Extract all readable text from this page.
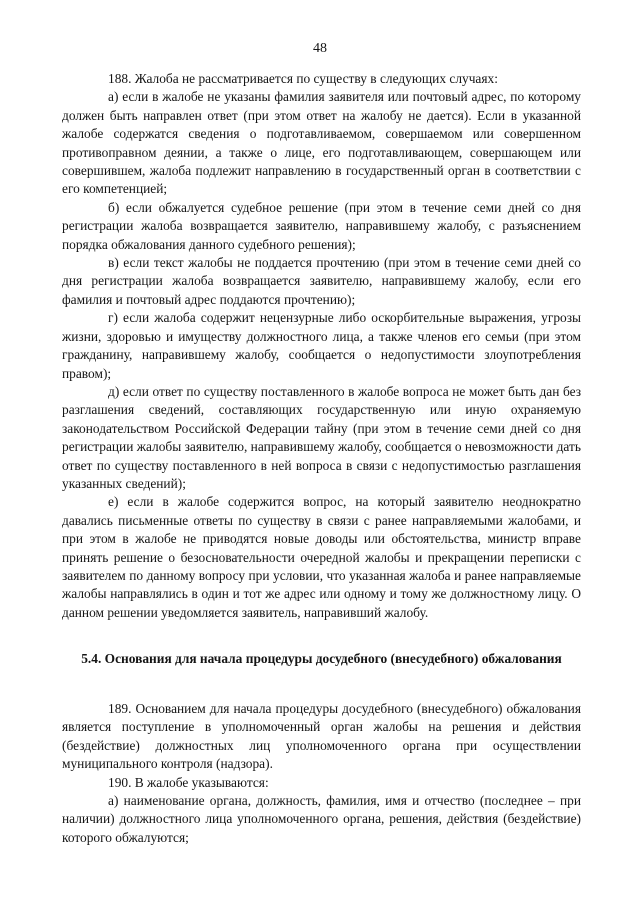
48

188. Жалоба не рассматривается по существу в следующих случаях:

а) если в жалобе не указаны фамилия заявителя или почтовый адрес, по которому должен быть направлен ответ (при этом ответ на жалобу не дается). Если в указанной жалобе содержатся сведения о подготавливаемом, совершаемом или совершенном противоправном деянии, а также о лице, его подготавливающем, совершающем или совершившем, жалоба подлежит направлению в государственный орган в соответствии с его компетенцией;

б) если обжалуется судебное решение (при этом в течение семи дней со дня регистрации жалоба возвращается заявителю, направившему жалобу, с разъяснением порядка обжалования данного судебного решения);

в) если текст жалобы не поддается прочтению (при этом в течение семи дней со дня регистрации жалоба возвращается заявителю, направившему жалобу, если его фамилия и почтовый адрес поддаются прочтению);

г) если жалоба содержит нецензурные либо оскорбительные выражения, угрозы жизни, здоровью и имуществу должностного лица, а также членов его семьи (при этом гражданину, направившему жалобу, сообщается о недопустимости злоупотребления правом);

д) если ответ по существу поставленного в жалобе вопроса не может быть дан без разглашения сведений, составляющих государственную или иную охраняемую законодательством Российской Федерации тайну (при этом в течение семи дней со дня регистрации жалобы заявителю, направившему жалобу, сообщается о невозможности дать ответ по существу поставленного в ней вопроса в связи с недопустимостью разглашения указанных сведений);

е) если в жалобе содержится вопрос, на который заявителю неоднократно давались письменные ответы по существу в связи с ранее направляемыми жалобами, и при этом в жалобе не приводятся новые доводы или обстоятельства, министр вправе принять решение о безосновательности очередной жалобы и прекращении переписки с заявителем по данному вопросу при условии, что указанная жалоба и ранее направляемые жалобы направлялись в один и тот же адрес или одному и тому же должностному лицу. О данном решении уведомляется заявитель, направивший жалобу.

5.4. Основания для начала процедуры досудебного (внесудебного) обжалования

189. Основанием для начала процедуры досудебного (внесудебного) обжалования является поступление в уполномоченный орган жалобы на решения и действия (бездействие) должностных лиц уполномоченного органа при осуществлении муниципального контроля (надзора).

190. В жалобе указываются:

а) наименование органа, должность, фамилия, имя и отчество (последнее – при наличии) должностного лица уполномоченного органа, решения, действия (бездействие) которого обжалуются;
